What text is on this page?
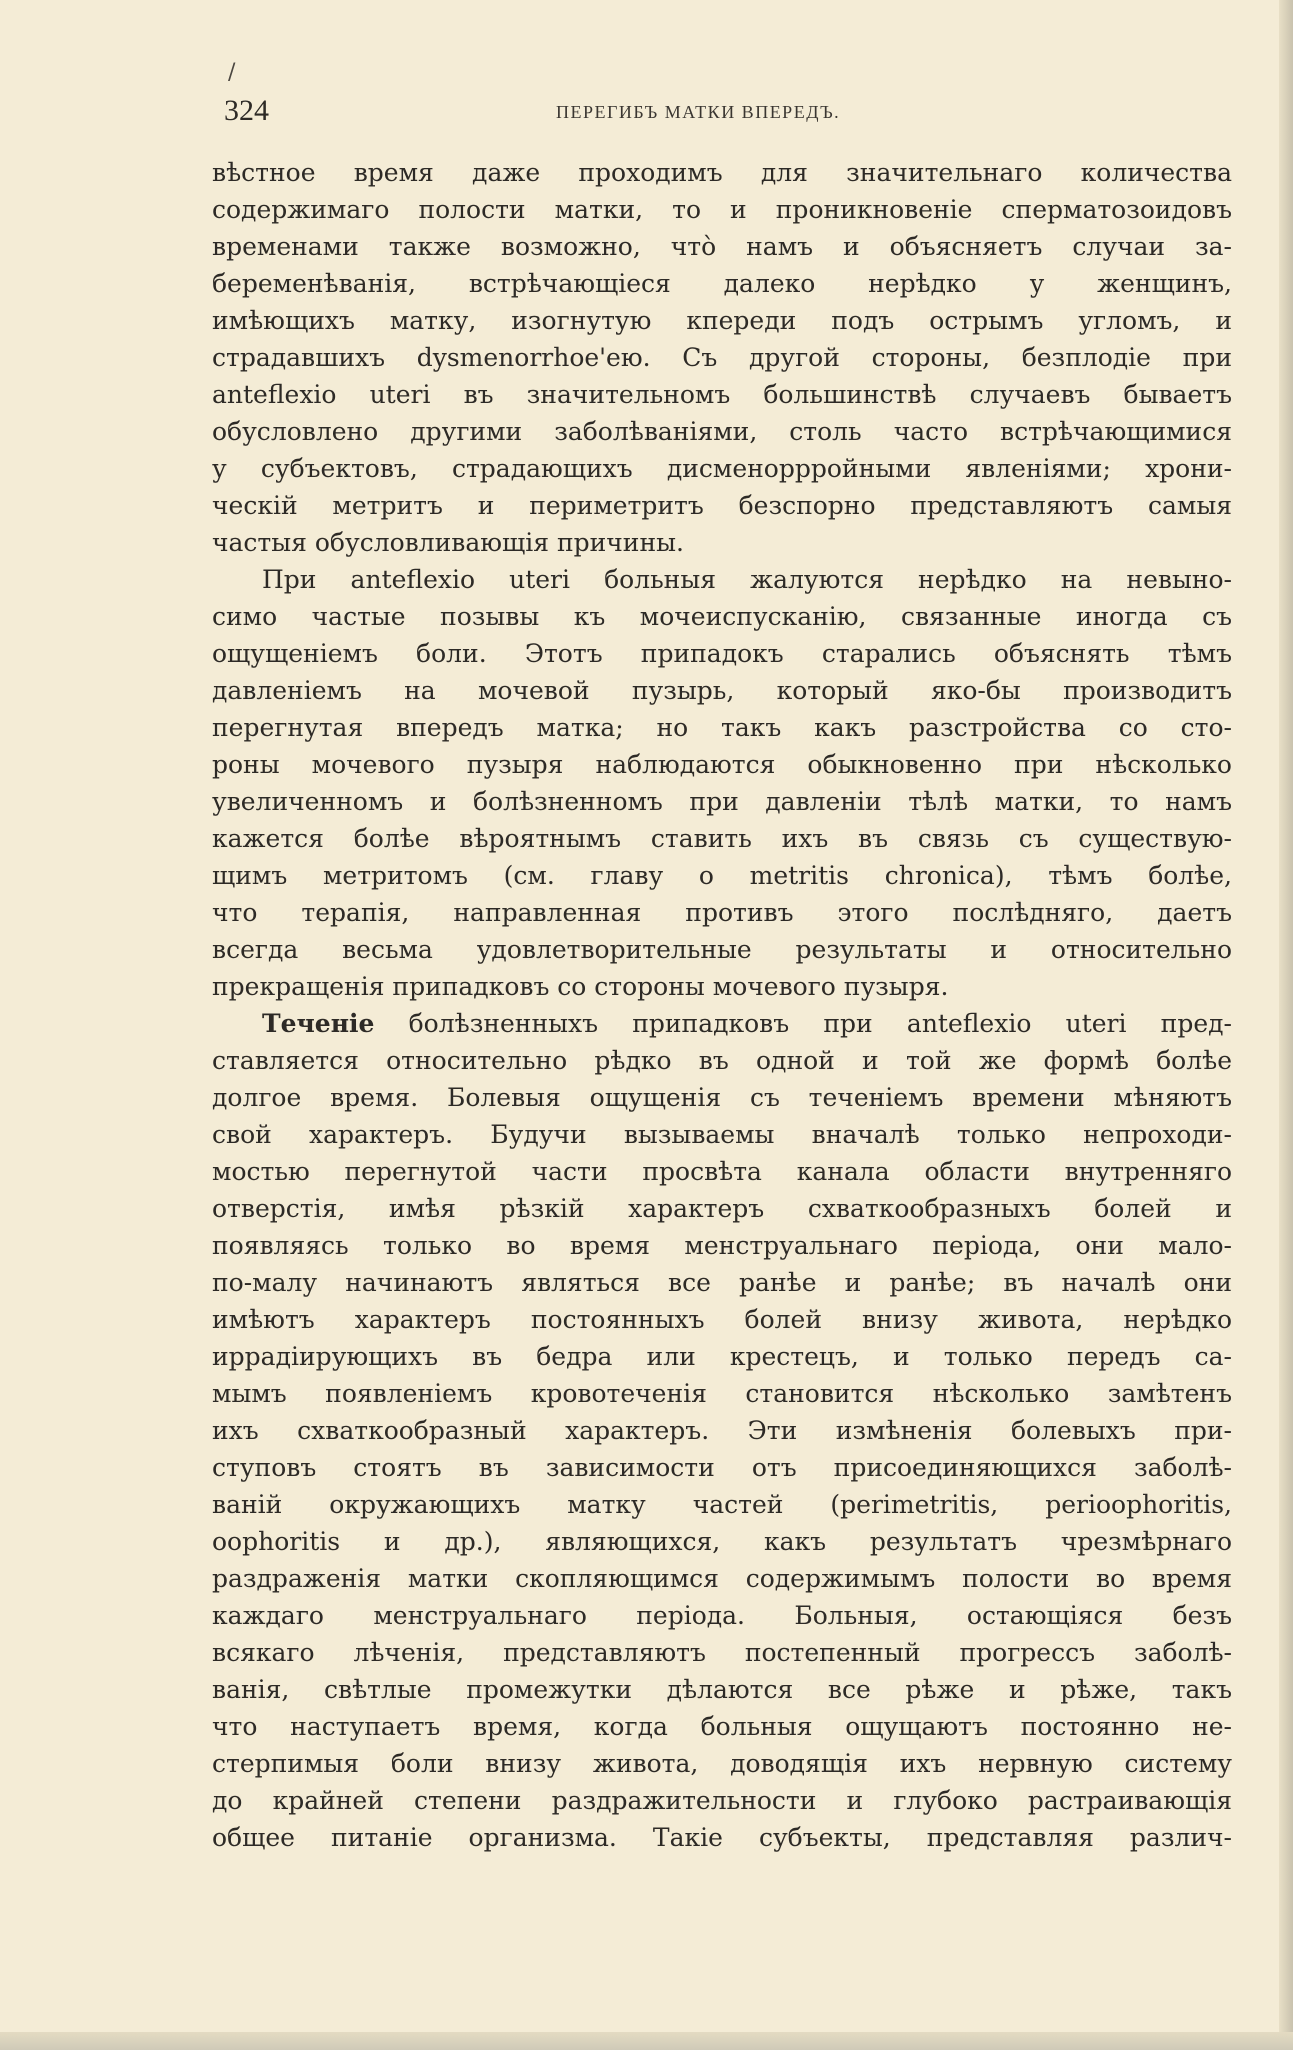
/
324	ПЕРЕГИБЪ МАТКИ ВПЕРЕДЪ.
вѣстное время даже проходимъ для значительнаго количества
содержимаго полости матки, то и проникновеніе сперматозоидовъ
временами также возможно, что̀ намъ и объясняетъ случаи за-
беременѣванія, встрѣчающіеся далеко нерѣдко у женщинъ,
имѣющихъ матку, изогнутую кпереди подъ острымъ угломъ, и
страдавшихъ dysmenorrhoe'ею. Съ другой стороны, безплодіе при
anteflexio uteri въ значительномъ большинствѣ случаевъ бываетъ
обусловлено другими заболѣваніями, столь часто встрѣчающимися
у субъектовъ, страдающихъ дисменоррройными явленіями; хрони-
ческій метритъ и периметритъ безспорно представляютъ самыя
частыя обусловливающія причины.
При anteflexio uteri больныя жалуются нерѣдко на невыно-
симо частые позывы къ мочеиспусканію, связанные иногда съ
ощущеніемъ боли. Этотъ припадокъ старались объяснять тѣмъ
давленіемъ на мочевой пузырь, который яко-бы производитъ
перегнутая впередъ матка; но такъ какъ разстройства со сто-
роны мочевого пузыря наблюдаются обыкновенно при нѣсколько
увеличенномъ и болѣзненномъ при давленіи тѣлѣ матки, то намъ
кажется болѣе вѣроятнымъ ставить ихъ въ связь съ существую-
щимъ метритомъ (см. главу о metritis chronica), тѣмъ болѣе,
что терапія, направленная противъ этого послѣдняго, даетъ
всегда весьма удовлетворительные результаты и относительно
прекращенія припадковъ со стороны мочевого пузыря.
Теченіе болѣзненныхъ припадковъ при anteflexio uteri пред-
ставляется относительно рѣдко въ одной и той же формѣ болѣе
долгое время. Болевыя ощущенія съ теченіемъ времени мѣняютъ
свой характеръ. Будучи вызываемы вначалѣ только непроходи-
мостью перегнутой части просвѣта канала области внутренняго
отверстія, имѣя рѣзкій характеръ схваткообразныхъ болей и
появляясь только во время менструальнаго періода, они мало-
по-малу начинаютъ являться все ранѣе и ранѣе; въ началѣ они
имѣютъ характеръ постоянныхъ болей внизу живота, нерѣдко
иррадіирующихъ въ бедра или крестецъ, и только передъ са-
мымъ появленіемъ кровотеченія становится нѣсколько замѣтенъ
ихъ схваткообразный характеръ. Эти измѣненія болевыхъ при-
ступовъ стоятъ въ зависимости отъ присоединяющихся заболѣ-
ваній окружающихъ матку частей (perimetritis, perioophoritis,
oophoritis и др.), являющихся, какъ результатъ чрезмѣрнаго
раздраженія матки скопляющимся содержимымъ полости во время
каждаго менструальнаго періода. Больныя, остающіяся безъ
всякаго лѣченія, представляютъ постепенный прогрессъ заболѣ-
ванія, свѣтлые промежутки дѣлаются все рѣже и рѣже, такъ
что наступаетъ время, когда больныя ощущаютъ постоянно не-
стерпимыя боли внизу живота, доводящія ихъ нервную систему
до крайней степени раздражительности и глубоко растраивающія
общее питаніе организма. Такіе субъекты, представляя различ-
